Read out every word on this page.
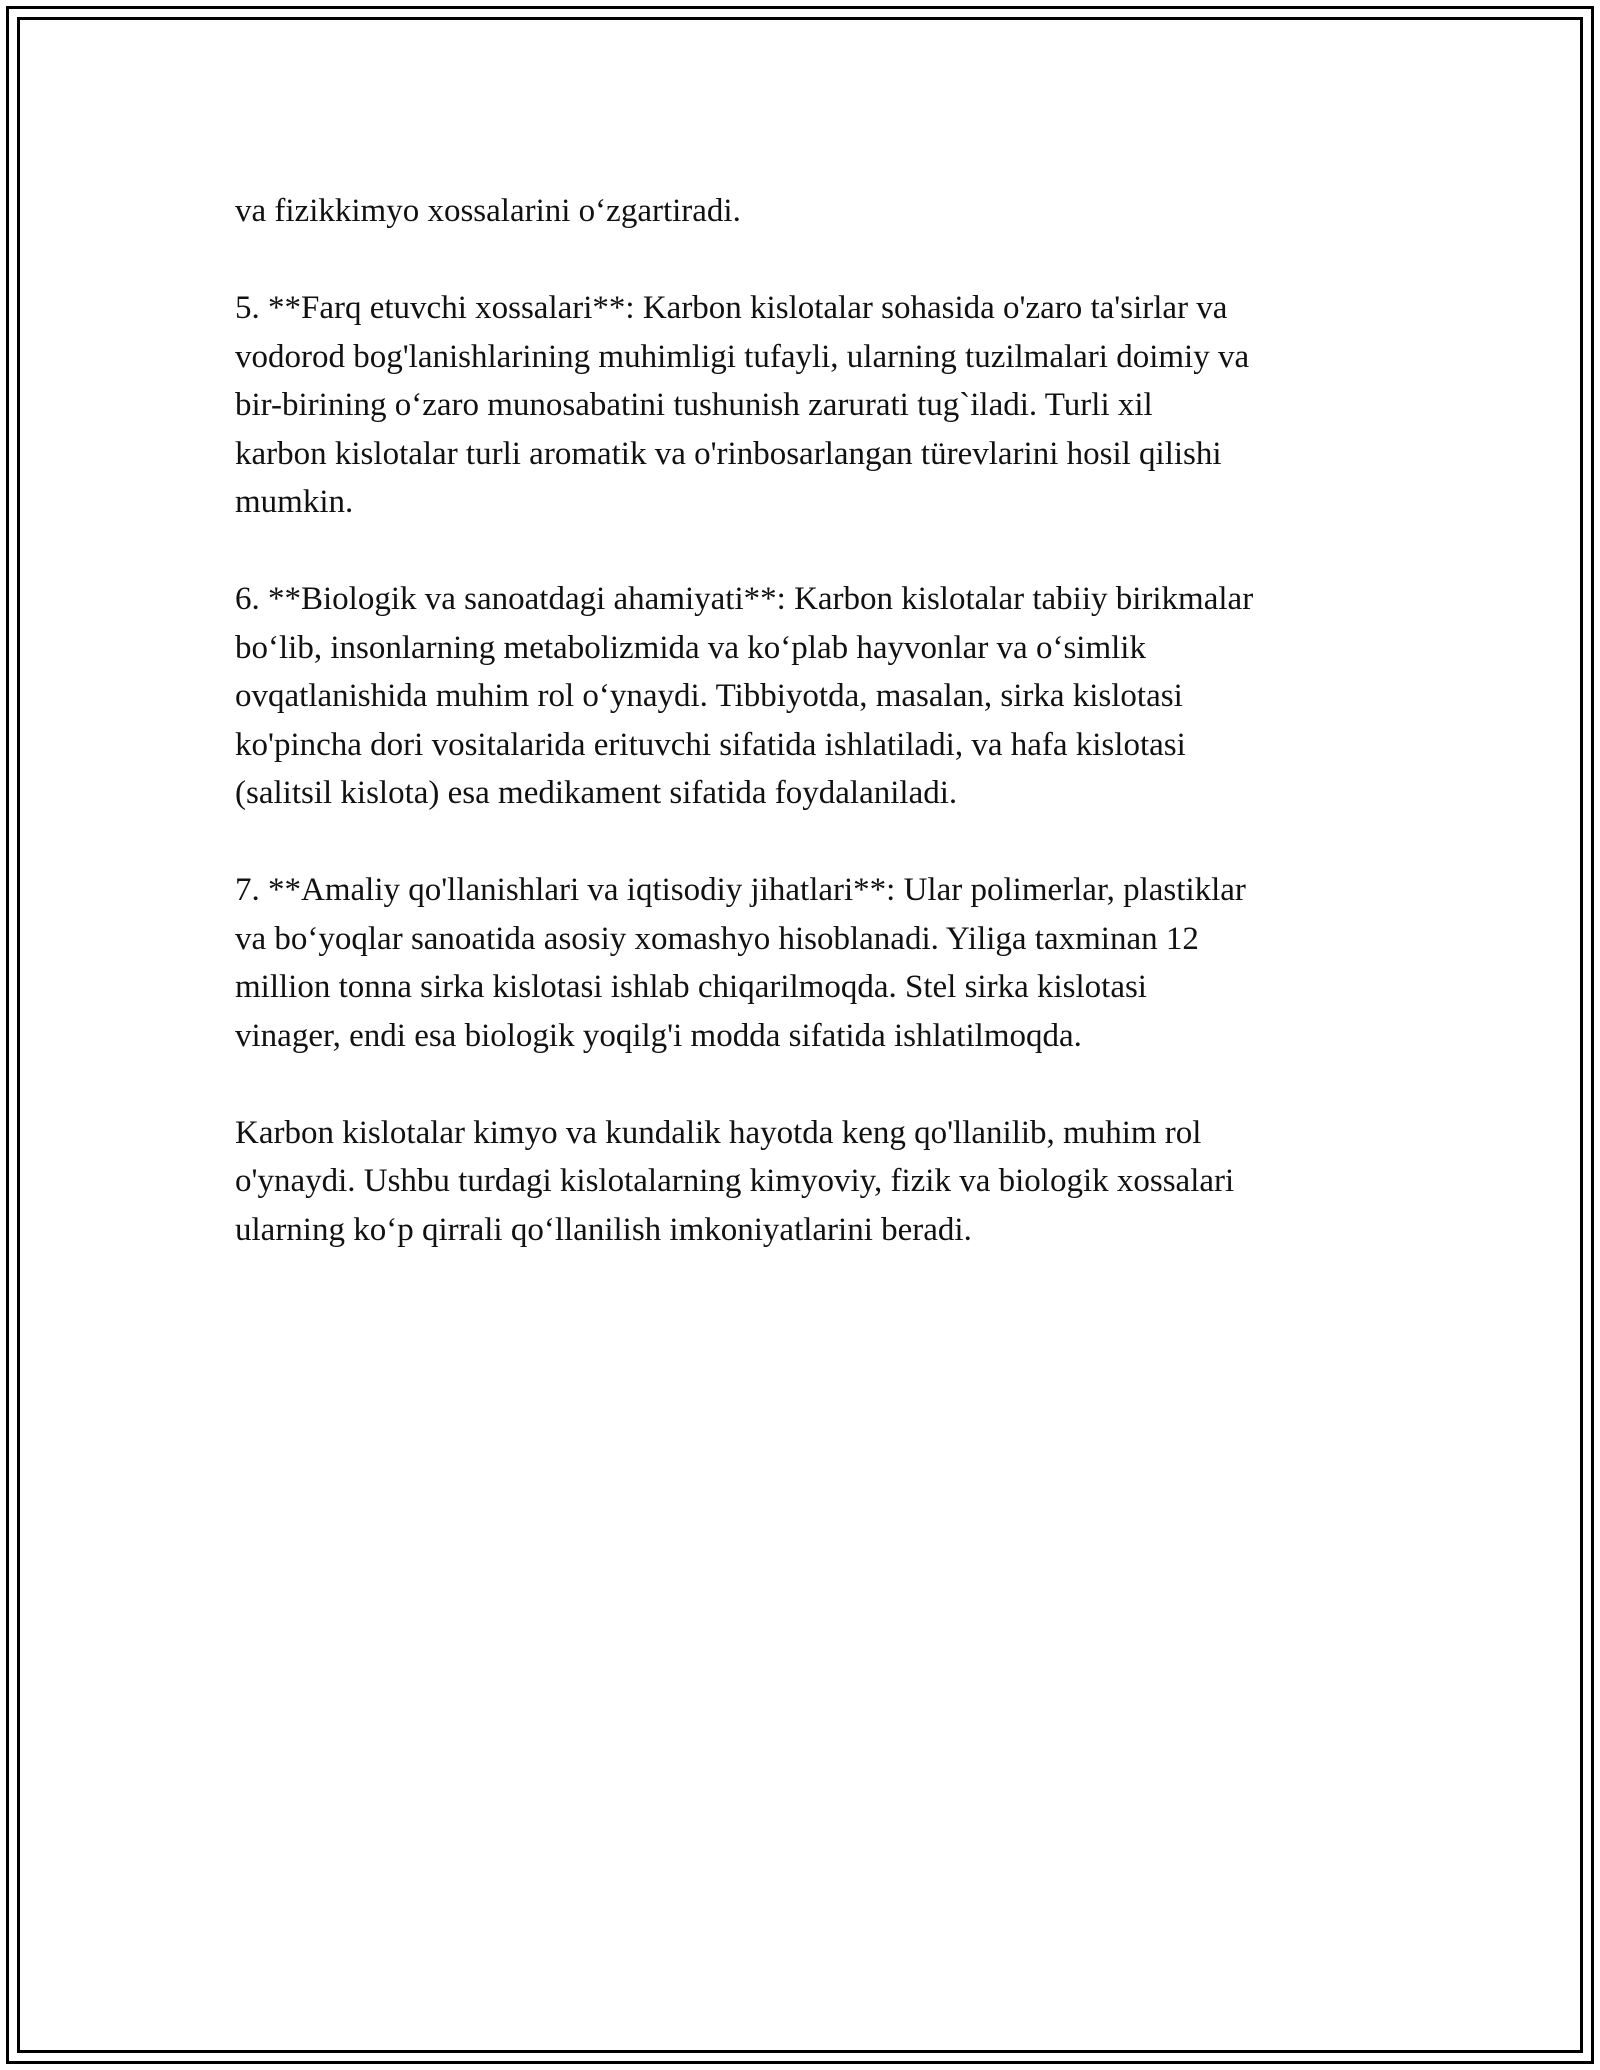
va fizikkimyo xossalarini o‘zgartiradi.

5. **Farq etuvchi xossalari**: Karbon kislotalar sohasida o'zaro ta'sirlar va
vodorod bog'lanishlarining muhimligi tufayli, ularning tuzilmalari doimiy va
bir-birining o‘zaro munosabatini tushunish zarurati tug`iladi. Turli xil
karbon kislotalar turli aromatik va o'rinbosarlangan türevlarini hosil qilishi
mumkin.

6. **Biologik va sanoatdagi ahamiyati**: Karbon kislotalar tabiiy birikmalar
bo‘lib, insonlarning metabolizmida va ko‘plab hayvonlar va o‘simlik
ovqatlanishida muhim rol o‘ynaydi. Tibbiyotda, masalan, sirka kislotasi
ko'pincha dori vositalarida erituvchi sifatida ishlatiladi, va hafa kislotasi
(salitsil kislota) esa medikament sifatida foydalaniladi.

7. **Amaliy qo'llanishlari va iqtisodiy jihatlari**: Ular polimerlar, plastiklar
va bo‘yoqlar sanoatida asosiy xomashyo hisoblanadi. Yiliga taxminan 12
million tonna sirka kislotasi ishlab chiqarilmoqda. Stel sirka kislotasi
vinager, endi esa biologik yoqilg'i modda sifatida ishlatilmoqda.

Karbon kislotalar kimyo va kundalik hayotda keng qo'llanilib, muhim rol
o'ynaydi. Ushbu turdagi kislotalarning kimyoviy, fizik va biologik xossalari
ularning ko‘p qirrali qo‘llanilish imkoniyatlarini beradi.
